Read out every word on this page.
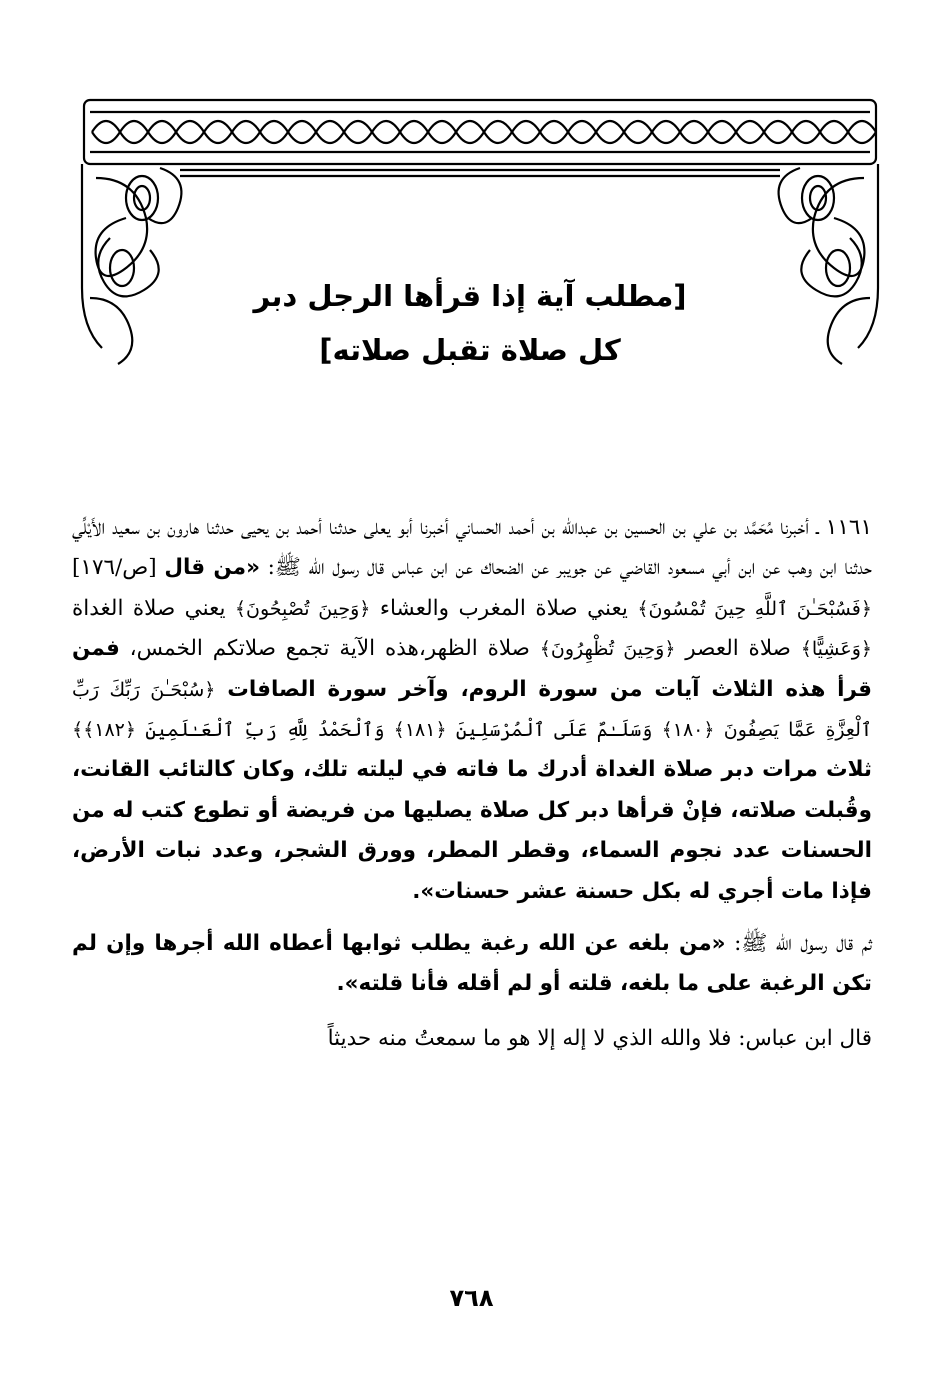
[مطلب آية إذا قرأها الرجل دبر
كل صلاة تقبل صلاته]

١١٦١ ـ أخبرنا مُحَمَّد بن علي بن الحسين بن عبدالله بن أحمد الحساني أخبرنا أبو يعلى حدثنا أحمد بن يحيى حدثنا هارون بن سعيد الأَيْلِّي حدثنا ابن وهب عن ابن أبي مسعود القاضي عن جويبر عن الضحاك عن ابن عباس قال رسول الله ﷺ: «من قال [ص/١٧٦] ﴿فَسُبْحَـٰنَ ٱللَّهِ حِينَ تُمْسُونَ﴾ يعني صلاة المغرب والعشاء ﴿وَحِينَ تُصْبِحُونَ﴾ يعني صلاة الغداة ﴿وَعَشِيًّا﴾ صلاة العصر ﴿وَحِينَ تُظْهِرُونَ﴾ صلاة الظهر،هذه الآية تجمع صلاتكم الخمس، فمن قرأ هذه الثلاث آيات من سورة الروم، وآخر سورة الصافات ﴿سُبْحَـٰنَ رَبِّكَ رَبِّ ٱلْعِزَّةِ عَمَّا يَصِفُونَ ﴿١٨٠﴾ وَسَلَـٰمٌ عَلَى ٱلْمُرْسَلِينَ ﴿١٨١﴾ وَٱلْحَمْدُ لِلَّهِ رَبِّ ٱلْعَـٰلَمِينَ ﴿١٨٢﴾﴾ ثلاث مرات دبر صلاة الغداة أدرك ما فاته في ليلته تلك، وكان كالتائب القانت، وقُبلت صلاته، فإنْ قرأها دبر كل صلاة يصليها من فريضة أو تطوع كتب له من الحسنات عدد نجوم السماء، وقطر المطر، وورق الشجر، وعدد نبات الأرض، فإذا مات أجري له بكل حسنة عشر حسنات».

ثم قال رسول اللّه ﷺ: «من بلغه عن الله رغبة يطلب ثوابها أعطاه الله أجرها وإن لم تكن الرغبة على ما بلغه، قلته أو لم أقله فأنا قلته».

قال ابن عباس: فلا والله الذي لا إله إلا هو ما سمعتُ منه حديثاً

٧٦٨
